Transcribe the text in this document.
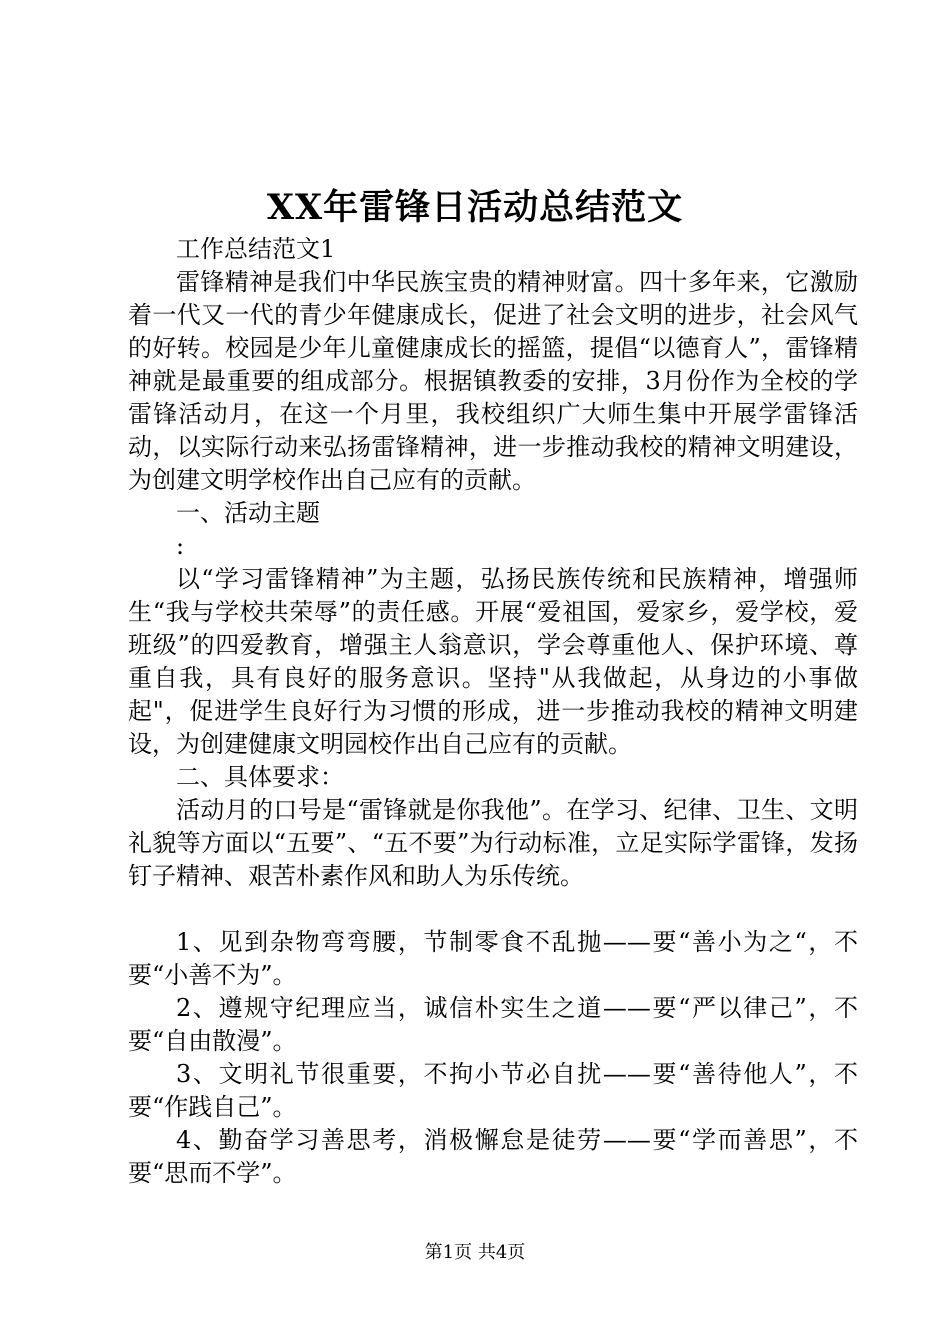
XX年雷锋日活动总结范文

工作总结范文1

雷锋精神是我们中华民族宝贵的精神财富。四十多年来，它激励着一代又一代的青少年健康成长，促进了社会文明的进步，社会风气的好转。校园是少年儿童健康成长的摇篮，提倡“以德育人”，雷锋精神就是最重要的组成部分。根据镇教委的安排，3月份作为全校的学雷锋活动月，在这一个月里，我校组织广大师生集中开展学雷锋活动，以实际行动来弘扬雷锋精神，进一步推动我校的精神文明建设，为创建文明学校作出自己应有的贡献。

一、活动主题

:

以“学习雷锋精神”为主题，弘扬民族传统和民族精神，增强师生“我与学校共荣辱”的责任感。开展“爱祖国，爱家乡，爱学校，爱班级”的四爱教育，增强主人翁意识，学会尊重他人、保护环境、尊重自我，具有良好的服务意识。坚持"从我做起，从身边的小事做起"，促进学生良好行为习惯的形成，进一步推动我校的精神文明建设，为创建健康文明园校作出自己应有的贡献。

二、具体要求：

活动月的口号是“雷锋就是你我他”。在学习、纪律、卫生、文明礼貌等方面以“五要”、“五不要”为行动标准，立足实际学雷锋，发扬钉子精神、艰苦朴素作风和助人为乐传统。

1、见到杂物弯弯腰，节制零食不乱抛——要“善小为之“，不要“小善不为”。

2、遵规守纪理应当，诚信朴实生之道——要“严以律己”，不要“自由散漫”。

3、文明礼节很重要，不拘小节必自扰——要“善待他人”，不要“作践自己”。

4、勤奋学习善思考，消极懈怠是徒劳——要“学而善思”，不要“思而不学”。

第1页 共4页
